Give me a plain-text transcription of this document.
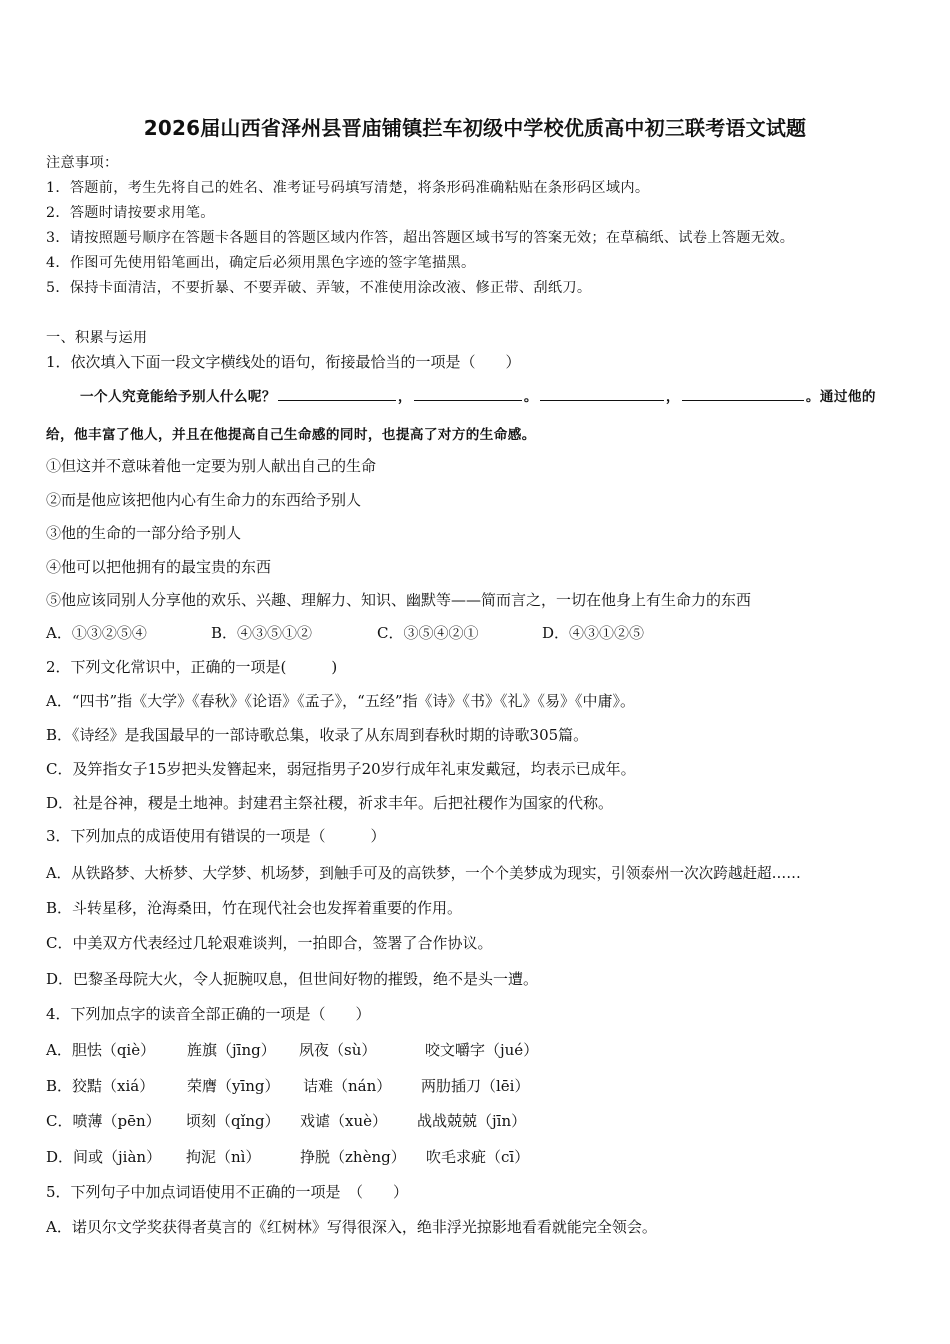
2026届山西省泽州县晋庙铺镇拦车初级中学校优质高中初三联考语文试题
注意事项：
1．答题前，考生先将自己的姓名、准考证号码填写清楚，将条形码准确粘贴在条形码区域内。
2．答题时请按要求用笔。
3．请按照题号顺序在答题卡各题目的答题区域内作答，超出答题区域书写的答案无效；在草稿纸、试卷上答题无效。
4．作图可先使用铅笔画出，确定后必须用黑色字迹的签字笔描黑。
5．保持卡面清洁，不要折暴、不要弄破、弄皱，不准使用涂改液、修正带、刮纸刀。
一、积累与运用
1．依次填入下面一段文字横线处的语句，衔接最恰当的一项是（　　）
一个人究竟能给予别人什么呢？	，	。	，	。通过他的
给，他丰富了他人，并且在他提高自己生命感的同时，也提高了对方的生命感。
①但这并不意味着他一定要为别人献出自己的生命
②而是他应该把他内心有生命力的东西给予别人
③他的生命的一部分给予别人
④他可以把他拥有的最宝贵的东西
⑤他应该同别人分享他的欢乐、兴趣、理解力、知识、幽默等——简而言之，一切在他身上有生命力的东西
A．①③②⑤④	B．④③⑤①②	C．③⑤④②①	D．④③①②⑤
2．下列文化常识中，正确的一项是(　　　)
A．“四书”指《大学》《春秋》《论语》《孟子》，“五经”指《诗》《书》《礼》《易》《中庸》。
B．《诗经》是我国最早的一部诗歌总集，收录了从东周到春秋时期的诗歌305篇。
C．及笄指女子15岁把头发簪起来，弱冠指男子20岁行成年礼束发戴冠，均表示已成年。
D．社是谷神，稷是土地神。封建君主祭社稷，祈求丰年。后把社稷作为国家的代称。
3．下列加点的成语使用有错误的一项是（　　　）
A．从铁路梦、大桥梦、大学梦、机场梦，到触手可及的高铁梦，一个个美梦成为现实，引领泰州一次次跨越赶超……
B．斗转星移，沧海桑田，竹在现代社会也发挥着重要的作用。
C．中美双方代表经过几轮艰难谈判，一拍即合，签署了合作协议。
D．巴黎圣母院大火，令人扼腕叹息，但世间好物的摧毁，绝不是头一遭。
4．下列加点字的读音全部正确的一项是（　　）
A．胆怯（qiè） 旌旗（jīng） 夙夜（sù）	咬文嚼字（jué）
B．狡黠（xiá） 荣膺（yīng） 诘难（nán） 两肋插刀（lēi）
C．喷薄（pēn） 顷刻（qǐng） 戏谑（xuè） 战战兢兢（jīn）
D．间或（jiàn） 拘泥（nì）	挣脱（zhèng） 吹毛求疵（cī）
5．下列句子中加点词语使用不正确的一项是　（　　）
A．诺贝尔文学奖获得者莫言的《红树林》写得很深入，绝非浮光掠影地看看就能完全领会。
